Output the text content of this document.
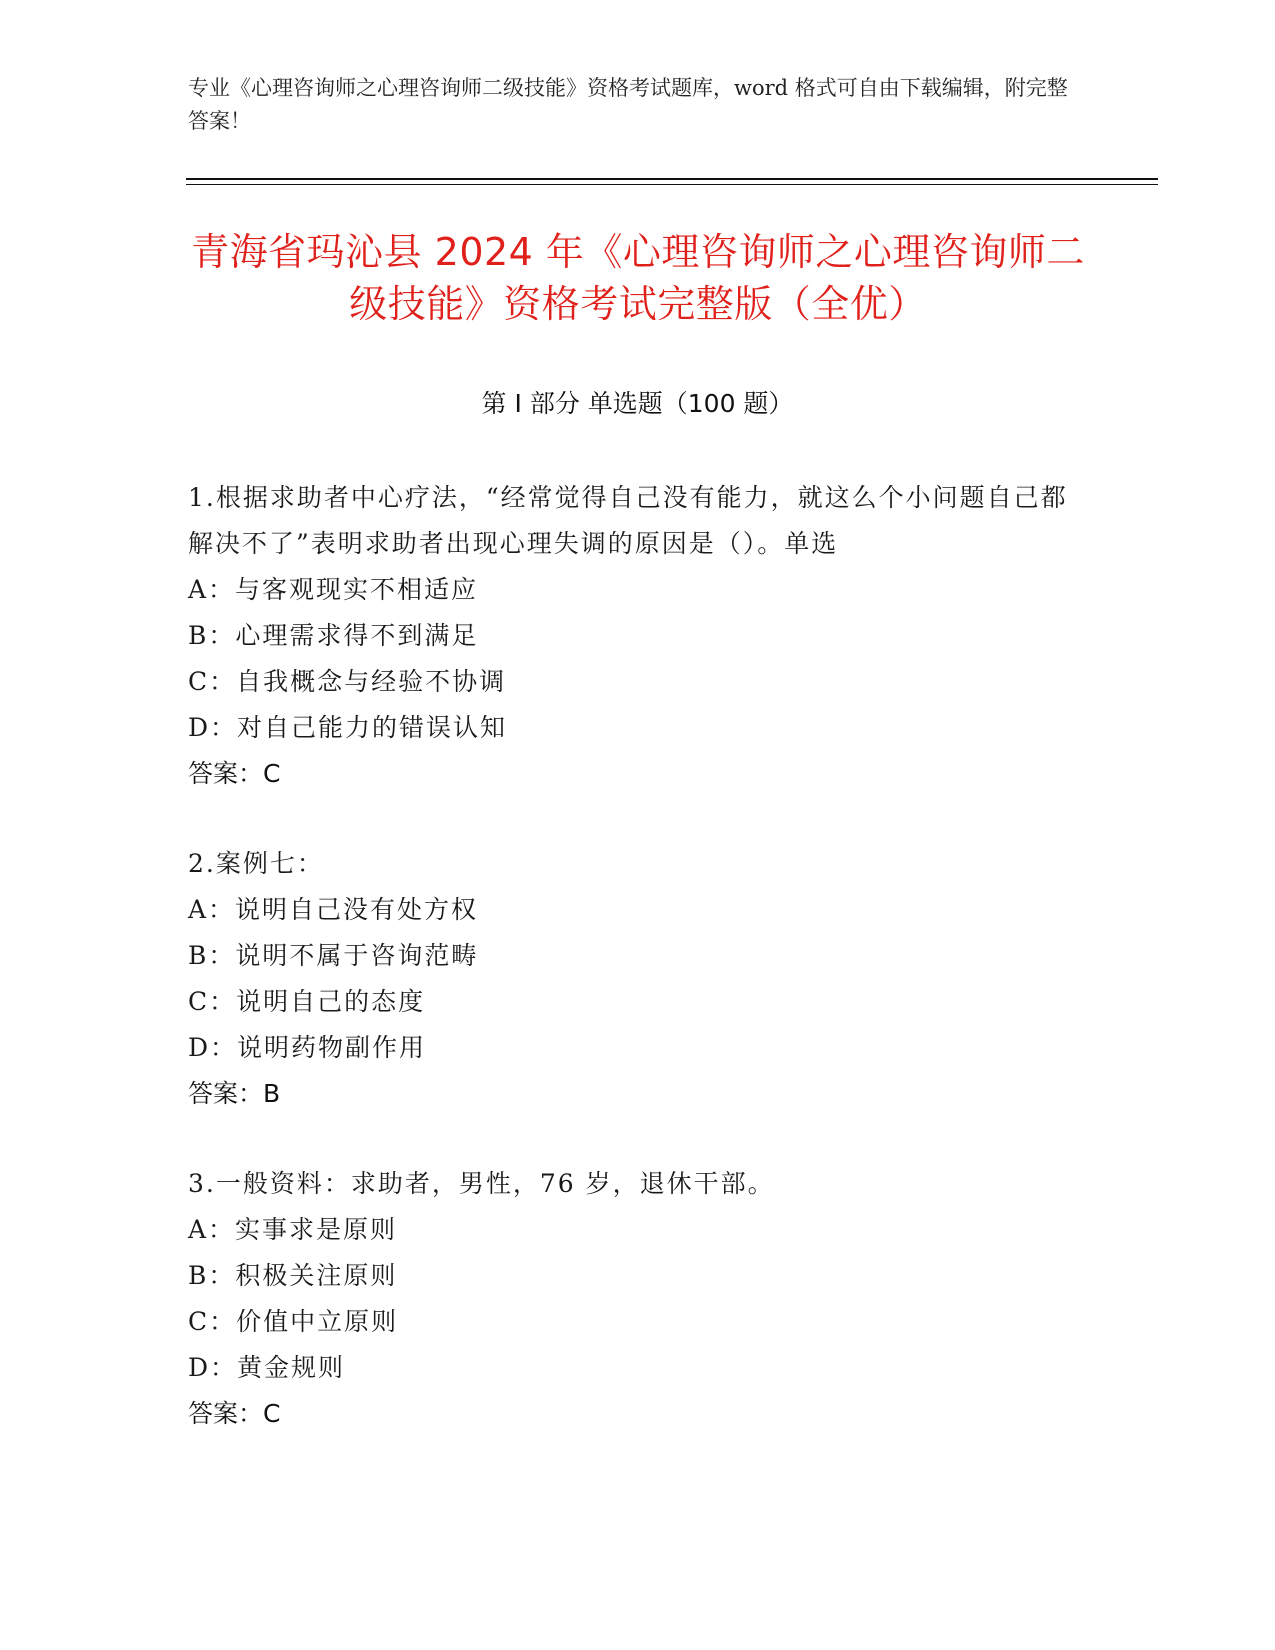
专业《心理咨询师之心理咨询师二级技能》资格考试题库，word 格式可自由下载编辑，附完整答案！
青海省玛沁县 2024 年《心理咨询师之心理咨询师二级技能》资格考试完整版（全优）
第 I 部分 单选题（100 题）
1.根据求助者中心疗法，“经常觉得自己没有能力，就这么个小问题自己都解决不了”表明求助者出现心理失调的原因是（）。单选
A：与客观现实不相适应
B：心理需求得不到满足
C：自我概念与经验不协调
D：对自己能力的错误认知
答案：C
2.案例七：
A：说明自己没有处方权
B：说明不属于咨询范畴
C：说明自己的态度
D：说明药物副作用
答案：B
3.一般资料：求助者，男性，76 岁，退休干部。
A：实事求是原则
B：积极关注原则
C：价值中立原则
D：黄金规则
答案：C
